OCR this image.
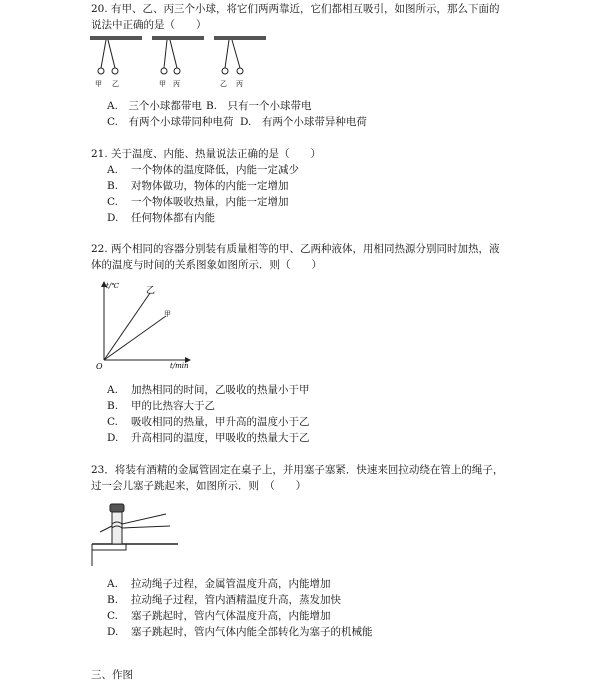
20. 有甲、乙、丙三个小球，将它们两两靠近，它们都相互吸引，如图所示，那么下面的
说法中正确的是（　　）
甲 乙	甲 丙	乙 丙
A.　三个小球都带电 B.　只有一个小球带电
C.　有两个小球带同种电荷 D.　有两个小球带异种电荷
21. 关于温度、内能、热量说法正确的是（　　）
A. 一个物体的温度降低，内能一定减少
B. 对物体做功，物体的内能一定增加
C. 一个物体吸收热量，内能一定增加
D. 任何物体都有内能
22. 两个相同的容器分别装有质量相等的甲、乙两种液体，用相同热源分别同时加热，液
体的温度与时间的关系图象如图所示．则（　　）
t/℃
t/min
O
乙
甲
A. 加热相同的时间，乙吸收的热量小于甲
B. 甲的比热容大于乙
C. 吸收相同的热量，甲升高的温度小于乙
D. 升高相同的温度，甲吸收的热量大于乙
23．将装有酒精的金属管固定在桌子上，并用塞子塞紧．快速来回拉动绕在管上的绳子，
过一会儿塞子跳起来，如图所示．则　（　　）
A. 拉动绳子过程，金属管温度升高，内能增加
B. 拉动绳子过程，管内酒精温度升高，蒸发加快
C. 塞子跳起时，管内气体温度升高，内能增加
D. 塞子跳起时，管内气体内能全部转化为塞子的机械能
三、作图
